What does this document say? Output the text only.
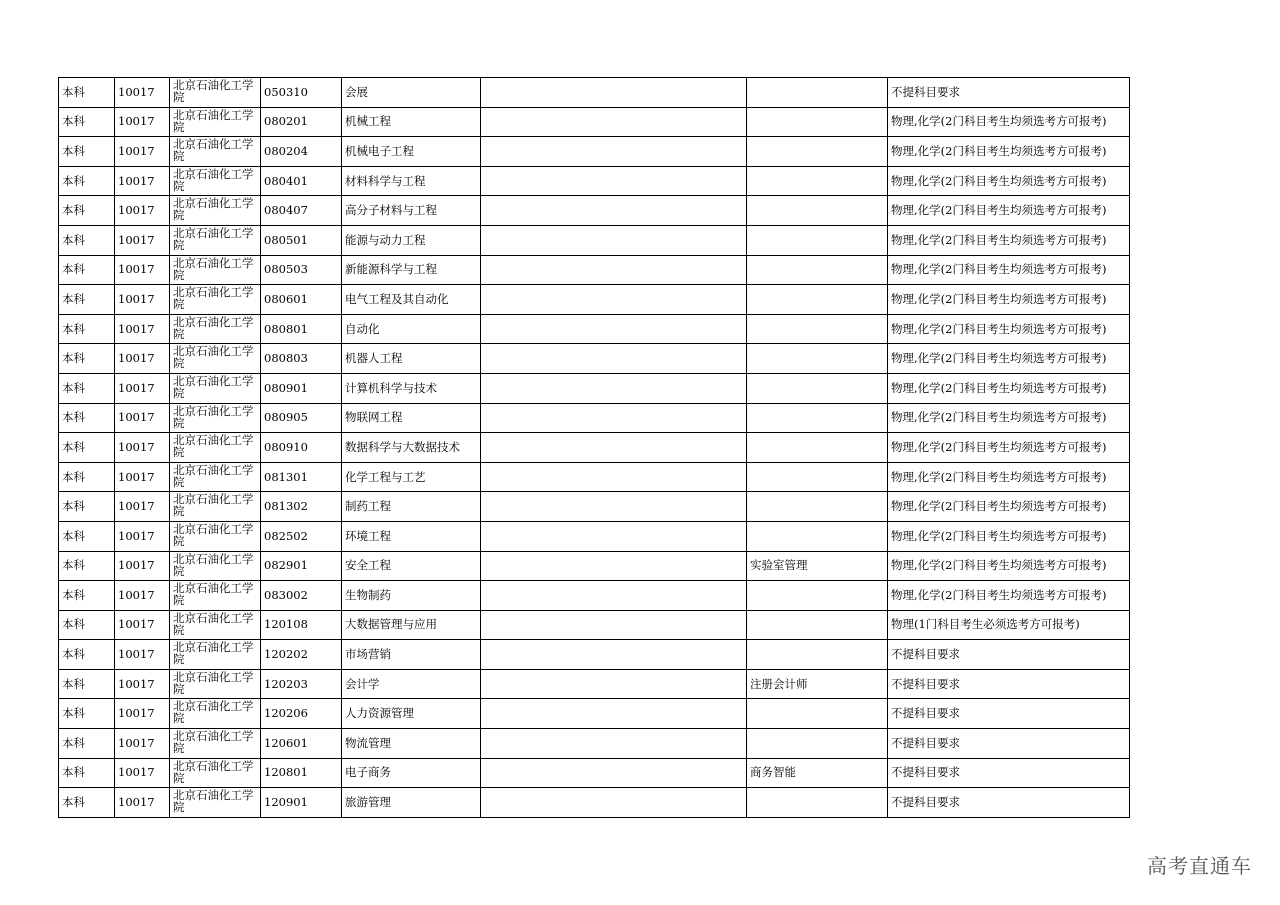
本科	10017	北京石油化工学院	050310	会展			不提科目要求
本科	10017	北京石油化工学院	080201	机械工程			物理,化学(2门科目考生均须选考方可报考)
本科	10017	北京石油化工学院	080204	机械电子工程			物理,化学(2门科目考生均须选考方可报考)
本科	10017	北京石油化工学院	080401	材料科学与工程			物理,化学(2门科目考生均须选考方可报考)
本科	10017	北京石油化工学院	080407	高分子材料与工程			物理,化学(2门科目考生均须选考方可报考)
本科	10017	北京石油化工学院	080501	能源与动力工程			物理,化学(2门科目考生均须选考方可报考)
本科	10017	北京石油化工学院	080503	新能源科学与工程			物理,化学(2门科目考生均须选考方可报考)
本科	10017	北京石油化工学院	080601	电气工程及其自动化			物理,化学(2门科目考生均须选考方可报考)
本科	10017	北京石油化工学院	080801	自动化			物理,化学(2门科目考生均须选考方可报考)
本科	10017	北京石油化工学院	080803	机器人工程			物理,化学(2门科目考生均须选考方可报考)
本科	10017	北京石油化工学院	080901	计算机科学与技术			物理,化学(2门科目考生均须选考方可报考)
本科	10017	北京石油化工学院	080905	物联网工程			物理,化学(2门科目考生均须选考方可报考)
本科	10017	北京石油化工学院	080910	数据科学与大数据技术			物理,化学(2门科目考生均须选考方可报考)
本科	10017	北京石油化工学院	081301	化学工程与工艺			物理,化学(2门科目考生均须选考方可报考)
本科	10017	北京石油化工学院	081302	制药工程			物理,化学(2门科目考生均须选考方可报考)
本科	10017	北京石油化工学院	082502	环境工程			物理,化学(2门科目考生均须选考方可报考)
本科	10017	北京石油化工学院	082901	安全工程		实验室管理	物理,化学(2门科目考生均须选考方可报考)
本科	10017	北京石油化工学院	083002	生物制药			物理,化学(2门科目考生均须选考方可报考)
本科	10017	北京石油化工学院	120108	大数据管理与应用			物理(1门科目考生必须选考方可报考)
本科	10017	北京石油化工学院	120202	市场营销			不提科目要求
本科	10017	北京石油化工学院	120203	会计学		注册会计师	不提科目要求
本科	10017	北京石油化工学院	120206	人力资源管理			不提科目要求
本科	10017	北京石油化工学院	120601	物流管理			不提科目要求
本科	10017	北京石油化工学院	120801	电子商务		商务智能	不提科目要求
本科	10017	北京石油化工学院	120901	旅游管理			不提科目要求
高考直通车
